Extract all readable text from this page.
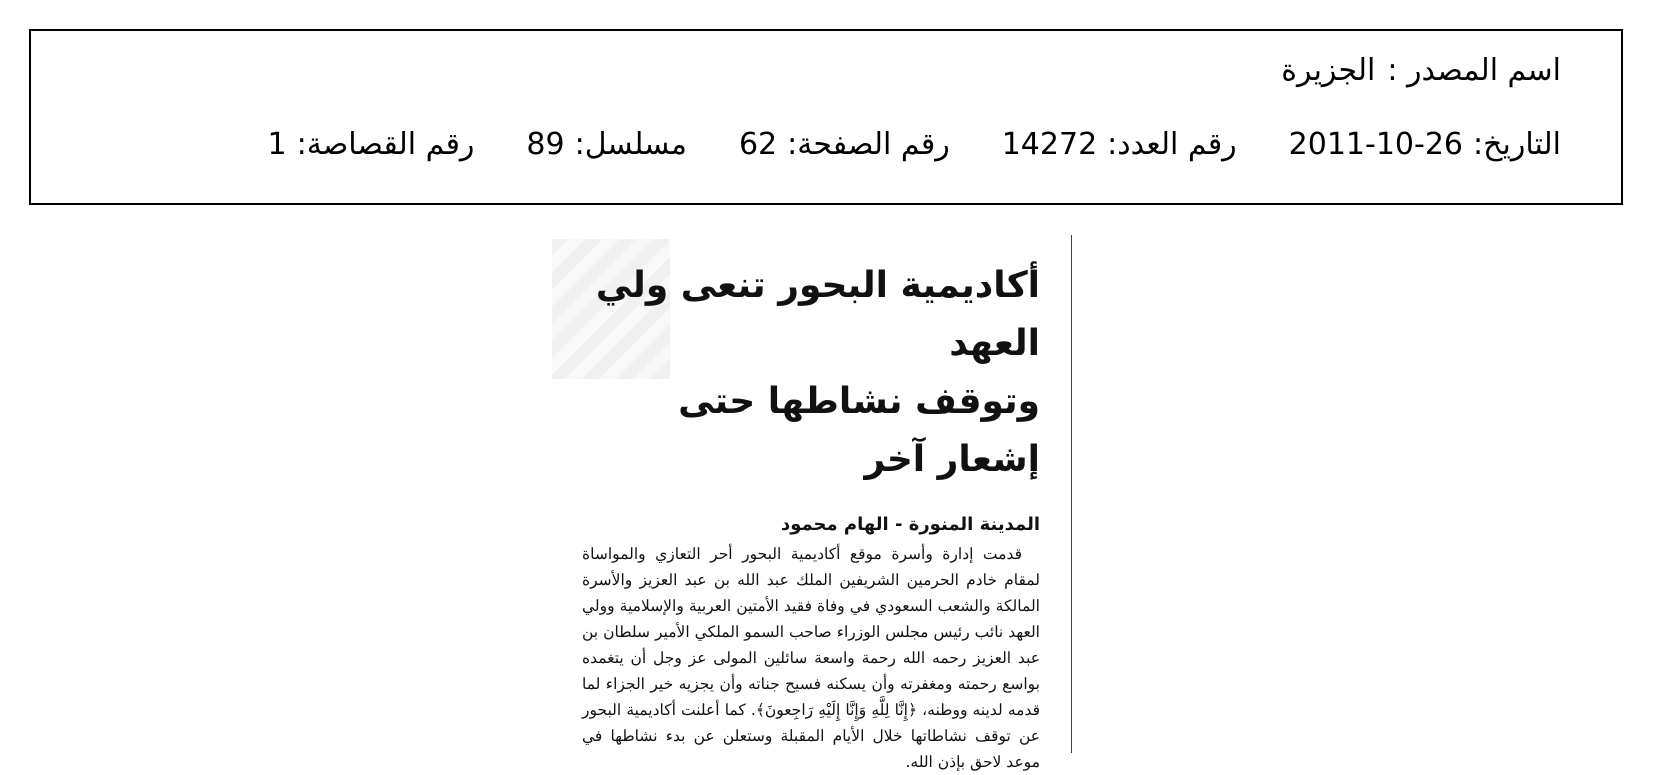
اسم المصدر :
الجزيرة
التاريخ:
2011-10-26
رقم العدد:
14272
رقم الصفحة:
62
مسلسل:
89
رقم القصاصة:
1
أكاديمية البحور تنعى ولي العهد
وتوقف نشاطها حتى إشعار آخر
المدينة المنورة - الهام محمود

قدمت إدارة وأسرة موقع أكاديمية البحور أحر التعازي والمواساة لمقام خادم الحرمين الشريفين الملك عبد الله بن عبد العزيز والأسرة المالكة والشعب السعودي في وفاة فقيد الأمتين العربية والإسلامية وولي العهد نائب رئيس مجلس الوزراء صاحب السمو الملكي الأمير سلطان بن عبد العزيز رحمه الله رحمة واسعة سائلين المولى عز وجل أن يتغمده بواسع رحمته ومغفرته وأن يسكنه فسيح جناته وأن يجزيه خير الجزاء لما قدمه لدينه ووطنه، ﴿إِنَّا لِلَّهِ وَإِنَّا إِلَيْهِ رَاجِعونَ﴾. كما أعلنت أكاديمية البحور عن توقف نشاطاتها خلال الأيام المقبلة وستعلن عن بدء نشاطها في موعد لاحق بإذن الله.
